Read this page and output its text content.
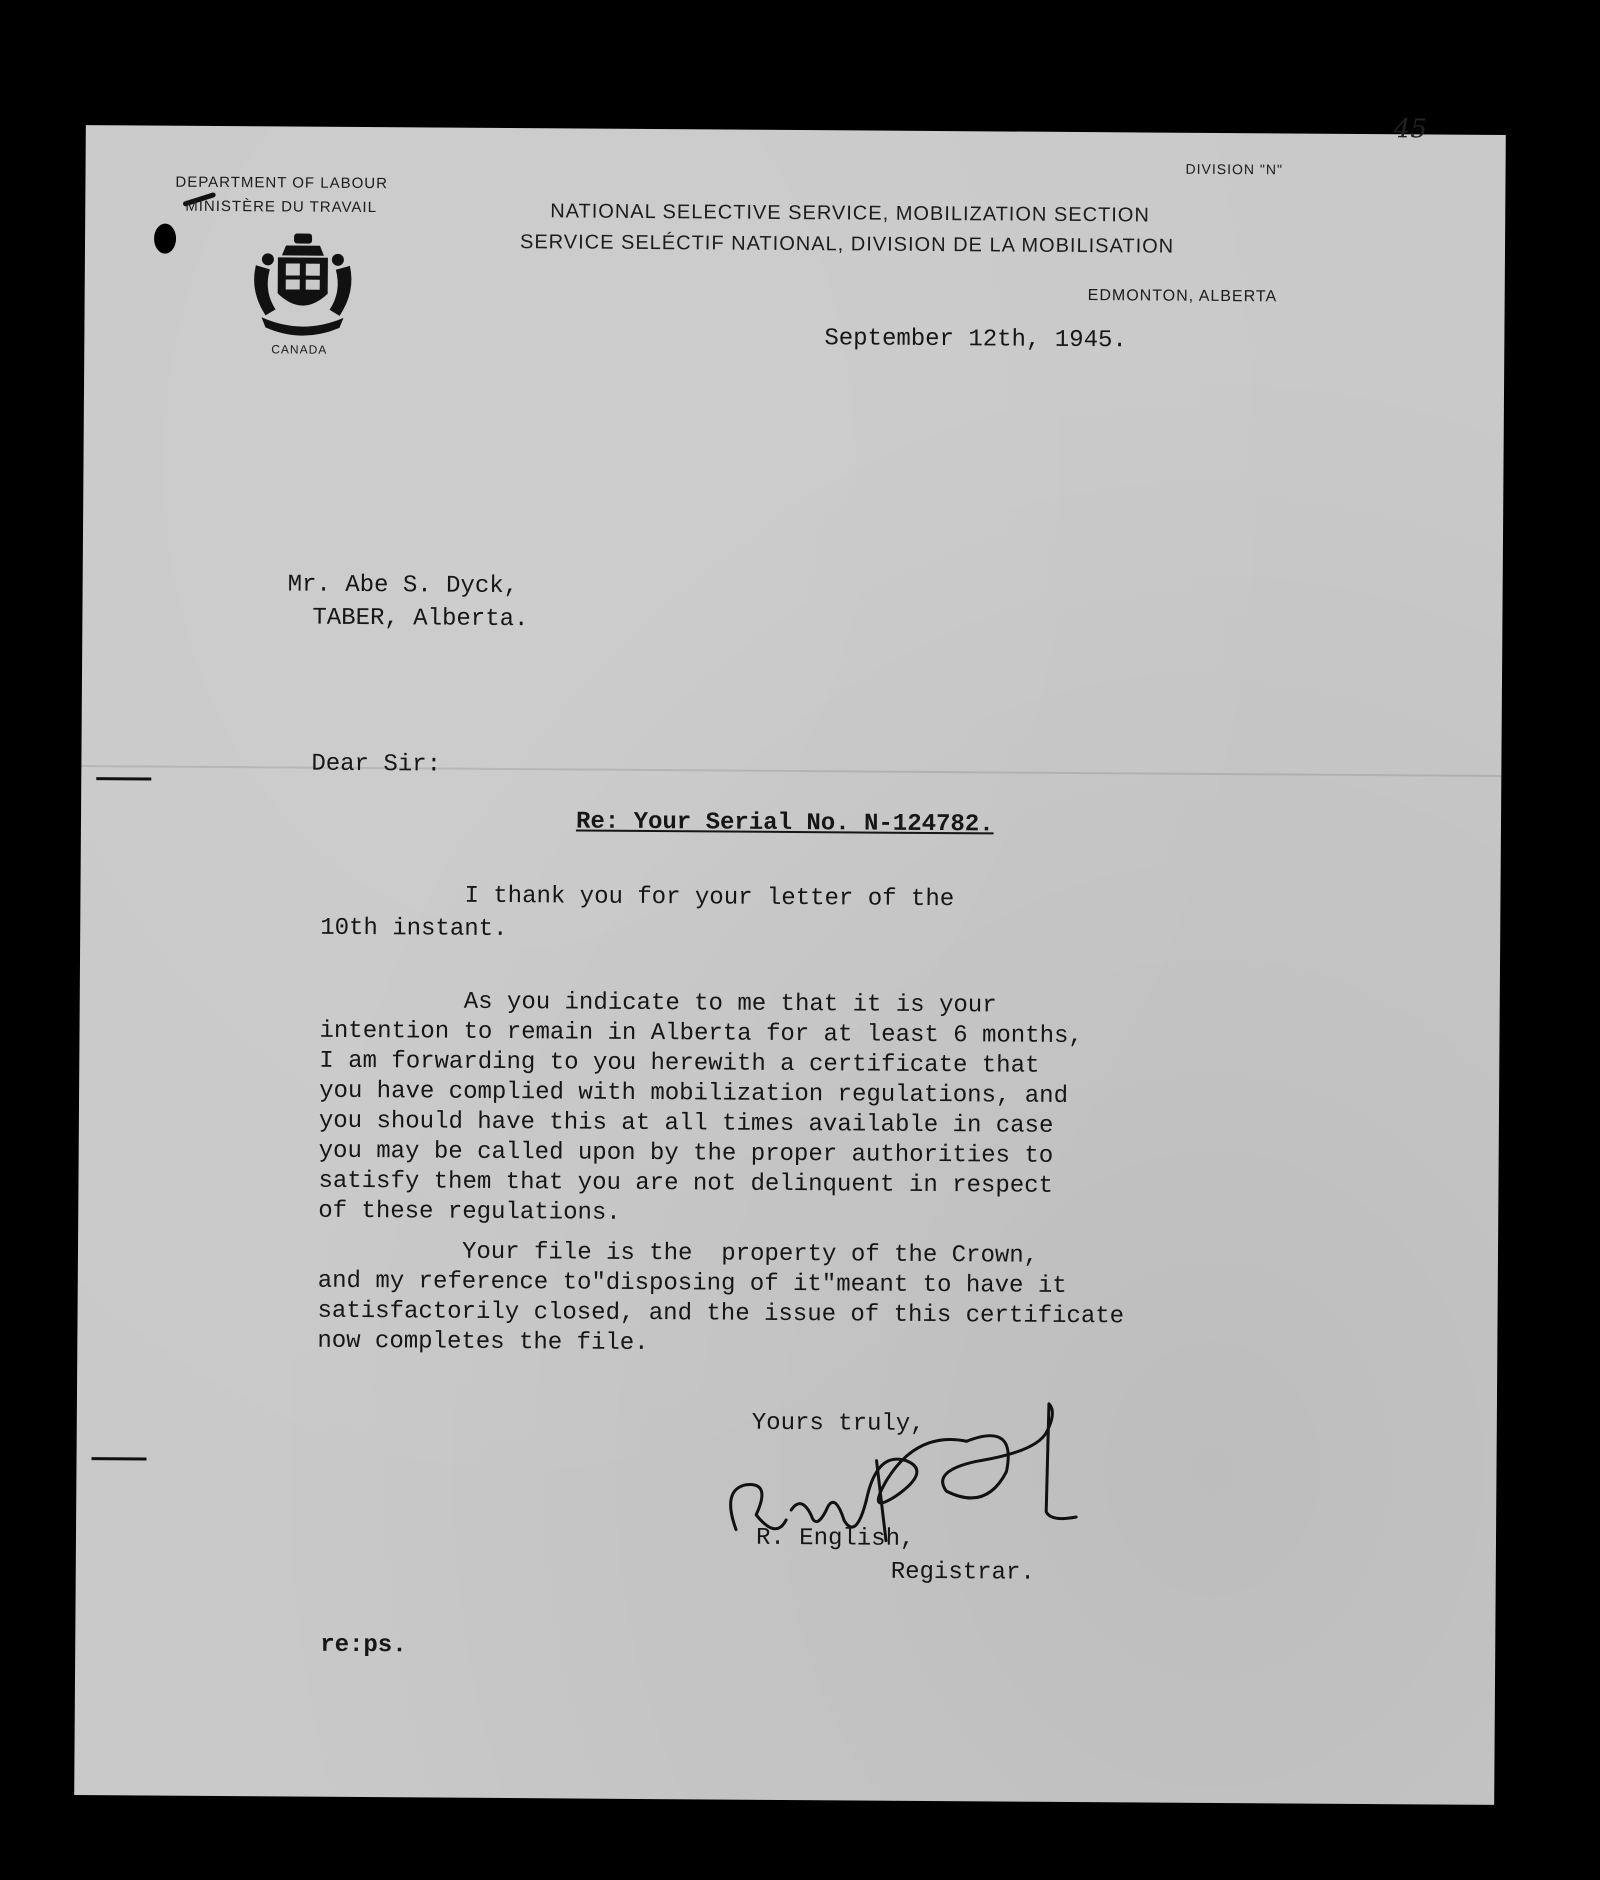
DEPARTMENT OF LABOUR
MINISTÈRE DU TRAVAIL	NATIONAL SELECTIVE SERVICE, MOBILIZATION SECTION
SERVICE SELÉCTIF NATIONAL, DIVISION DE LA MOBILISATION
DIVISION "N"
45
EDMONTON, ALBERTA
CANADA	September 12th, 1945.
Mr. Abe S. Dyck,
TABER, Alberta.
Dear Sir:
Re: Your Serial No. N-124782.
I thank you for your letter of the
10th instant.
As you indicate to me that it is your
intention to remain in Alberta for at least 6 months,
I am forwarding to you herewith a certificate that
you have complied with mobilization regulations, and
you should have this at all times available in case
you may be called upon by the proper authorities to
satisfy them that you are not delinquent in respect
of these regulations.
Your file is the  property of the Crown,
and my reference to"disposing of it"meant to have it
satisfactorily closed, and the issue of this certificate
now completes the file.
Yours truly,
R. English,
Registrar.
re:ps.
